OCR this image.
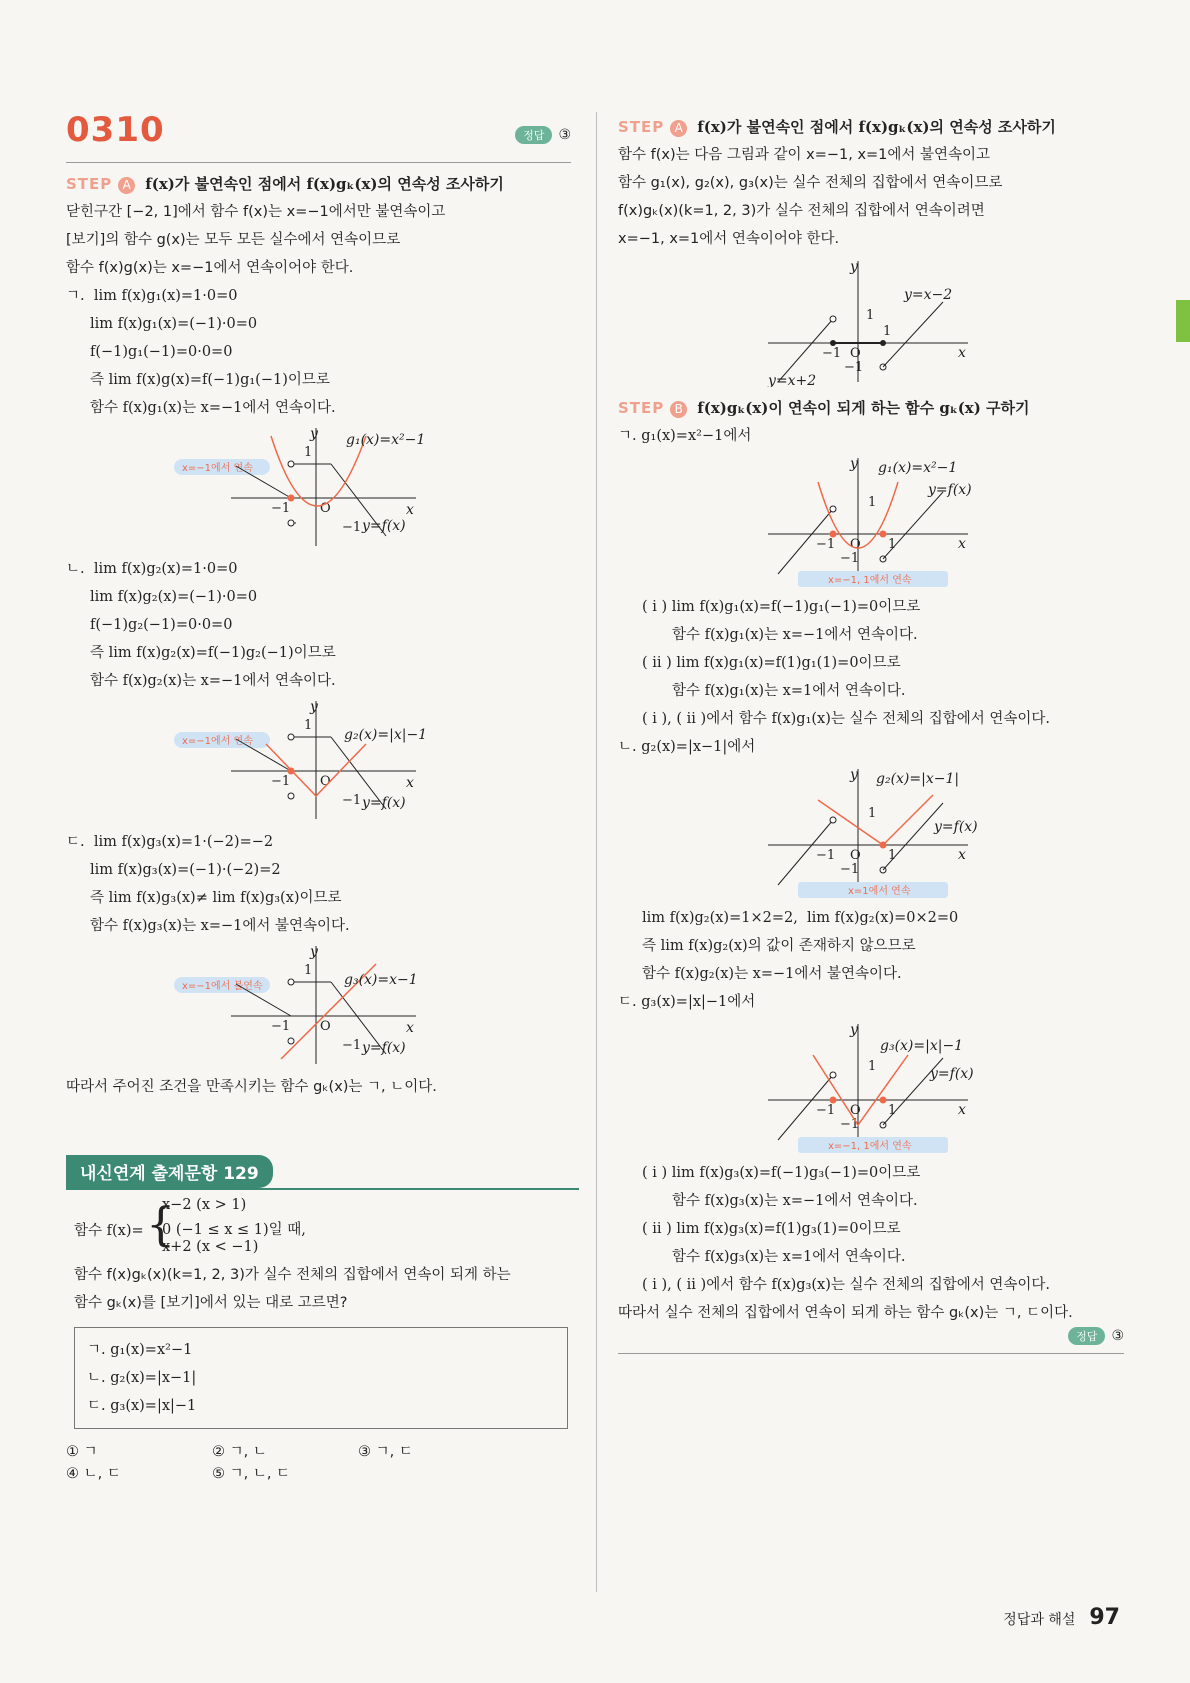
0310	정답 ③
STEP A f(x)가 불연속인 점에서 f(x)gₖ(x)의 연속성 조사하기

닫힌구간 [−2, 1]에서 함수 f(x)는 x=−1에서만 불연속이고

[보기]의 함수 g(x)는 모두 모든 실수에서 연속이므로

함수 f(x)g(x)는 x=−1에서 연속이어야 한다.

ㄱ.  lim f(x)g₁(x)=1·0=0

lim f(x)g₁(x)=(−1)·0=0

f(−1)g₁(−1)=0·0=0

즉 lim f(x)g(x)=f(−1)g₁(−1)이므로

함수 f(x)g₁(x)는 x=−1에서 연속이다.

x=−1에서 연속
y
x
O
−1
−1
1
g₁(x)=x²−1
y=f(x)

ㄴ.  lim f(x)g₂(x)=1·0=0

lim f(x)g₂(x)=(−1)·0=0

f(−1)g₂(−1)=0·0=0

즉 lim f(x)g₂(x)=f(−1)g₂(−1)이므로

함수 f(x)g₂(x)는 x=−1에서 연속이다.

x=−1에서 연속
y
x
O
−1
−1
1
g₂(x)=|x|−1
y=f(x)

ㄷ.  lim f(x)g₃(x)=1·(−2)=−2

lim f(x)g₃(x)=(−1)·(−2)=2

즉 lim f(x)g₃(x)≠ lim f(x)g₃(x)이므로

함수 f(x)g₃(x)는 x=−1에서 불연속이다.

x=−1에서 불연속
y
x
O
−1
−1
1
g₃(x)=x−1
y=f(x)

따라서 주어진 조건을 만족시키는 함수 gₖ(x)는 ㄱ, ㄴ이다.

내신연계 출제문항 129
함수 f(x)= {
x−2 (x > 1)
0 (−1 ≤ x ≤ 1)일 때,
x+2 (x < −1)

함수 f(x)gₖ(x)(k=1, 2, 3)가 실수 전체의 집합에서 연속이 되게 하는

함수 gₖ(x)를 [보기]에서 있는 대로 고르면?

ㄱ. g₁(x)=x²−1

ㄴ. g₂(x)=|x−1|

ㄷ. g₃(x)=|x|−1

① ㄱ	② ㄱ, ㄴ	③ ㄱ, ㄷ
④ ㄴ, ㄷ	⑤ ㄱ, ㄴ, ㄷ
STEP A f(x)가 불연속인 점에서 f(x)gₖ(x)의 연속성 조사하기

함수 f(x)는 다음 그림과 같이 x=−1, x=1에서 불연속이고

함수 g₁(x), g₂(x), g₃(x)는 실수 전체의 집합에서 연속이므로

f(x)gₖ(x)(k=1, 2, 3)가 실수 전체의 집합에서 연속이려면

x=−1, x=1에서 연속이어야 한다.

y
x
O
−1
−1
1
1
y=x−2
y=x+2
STEP B f(x)gₖ(x)이 연속이 되게 하는 함수 gₖ(x) 구하기

ㄱ. g₁(x)=x²−1에서

y
x
O
−1
−1
1
1
g₁(x)=x²−1
y=f(x)
x=−1, 1에서 연속

( i ) lim f(x)g₁(x)=f(−1)g₁(−1)=0이므로

함수 f(x)g₁(x)는 x=−1에서 연속이다.

( ii ) lim f(x)g₁(x)=f(1)g₁(1)=0이므로

함수 f(x)g₁(x)는 x=1에서 연속이다.

( i ), ( ii )에서 함수 f(x)g₁(x)는 실수 전체의 집합에서 연속이다.

ㄴ. g₂(x)=|x−1|에서

y
x
O
−1
−1
1
1
g₂(x)=|x−1|
y=f(x)
x=1에서 연속

lim f(x)g₂(x)=1×2=2,  lim f(x)g₂(x)=0×2=0

즉 lim f(x)g₂(x)의 값이 존재하지 않으므로

함수 f(x)g₂(x)는 x=−1에서 불연속이다.

ㄷ. g₃(x)=|x|−1에서

y
x
O
−1
−1
1
1
g₃(x)=|x|−1
y=f(x)
x=−1, 1에서 연속

( i ) lim f(x)g₃(x)=f(−1)g₃(−1)=0이므로

함수 f(x)g₃(x)는 x=−1에서 연속이다.

( ii ) lim f(x)g₃(x)=f(1)g₃(1)=0이므로

함수 f(x)g₃(x)는 x=1에서 연속이다.

( i ), ( ii )에서 함수 f(x)g₃(x)는 실수 전체의 집합에서 연속이다.

따라서 실수 전체의 집합에서 연속이 되게 하는 함수 gₖ(x)는 ㄱ, ㄷ이다.

정답 ③
정답과 해설 97
